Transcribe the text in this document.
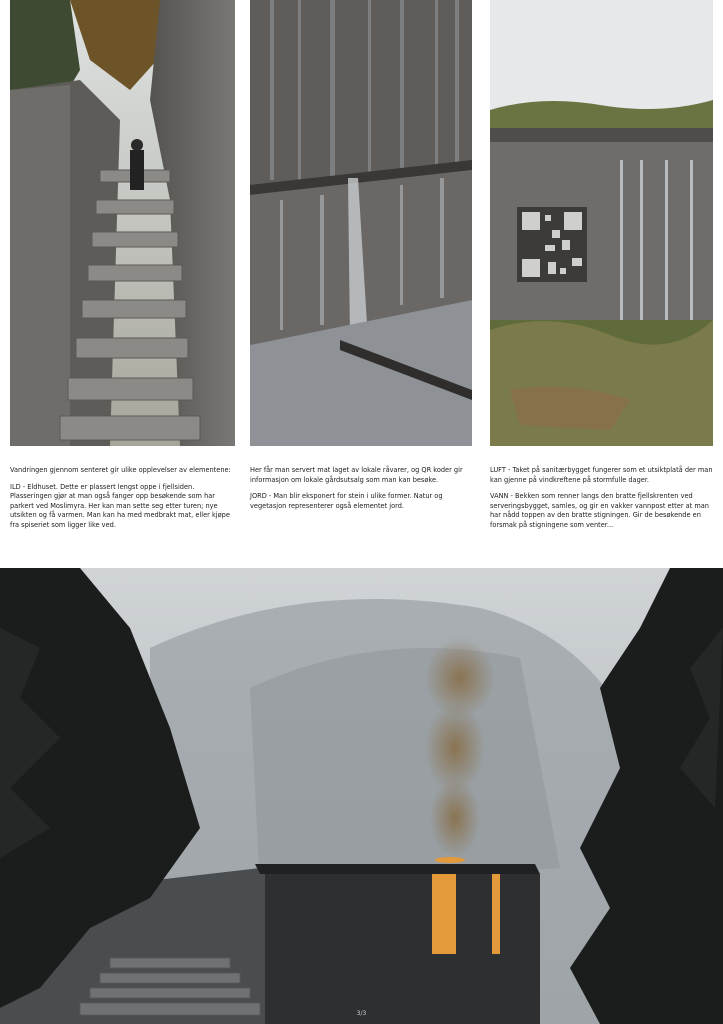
Vandringen gjennom senteret gir ulike opplevelser av elementene:

ILD - Eldhuset. Dette er plassert lengst oppe i fjellsiden. Plasseringen gjør at man også fanger opp besøkende som har parkert ved Moslimyra. Her kan man sette seg etter turen; nye utsikten og få varmen. Man kan ha med medbrakt mat, eller kjøpe fra spiseriet som ligger like ved.

Her får man servert mat laget av lokale råvarer, og QR koder gir informasjon om lokale gårdsutsalg som man kan besøke.

JORD - Man blir eksponert for stein i ulike former. Natur og vegetasjon representerer også elementet jord.

LUFT - Taket på sanitærbygget fungerer som et utsiktplatå der man kan gjenne på vindkreftene på stormfulle dager.

VANN - Bekken som renner langs den bratte fjellskrenten ved serveringsbygget, samles, og gir en vakker vannpost etter at man har nådd toppen av den bratte stigningen. Gir de besøkende en forsmak på stigningene som venter...

3/3
